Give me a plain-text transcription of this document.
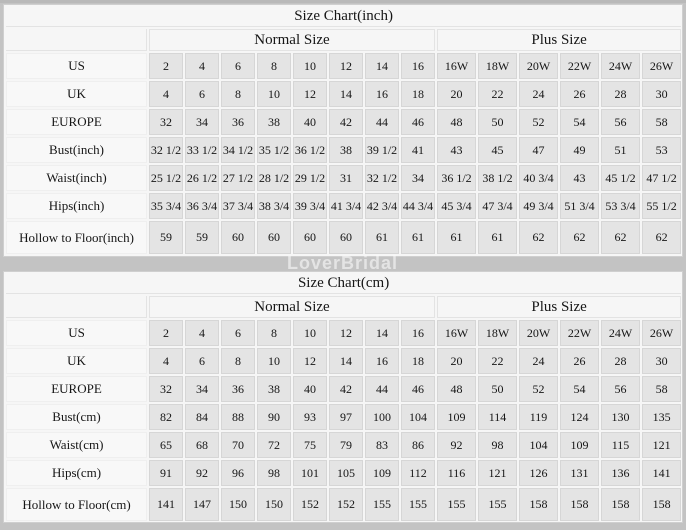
Size Chart(inch)														
	Normal Size								Plus Size					
US	2	4	6	8	10	12	14	16	16W	18W	20W	22W	24W	26W
UK	4	6	8	10	12	14	16	18	20	22	24	26	28	30
EUROPE	32	34	36	38	40	42	44	46	48	50	52	54	56	58
Bust(inch)	32 1/2	33 1/2	34 1/2	35 1/2	36 1/2	38	39 1/2	41	43	45	47	49	51	53
Waist(inch)	25 1/2	26 1/2	27 1/2	28 1/2	29 1/2	31	32 1/2	34	36 1/2	38 1/2	40 3/4	43	45 1/2	47 1/2
Hips(inch)	35 3/4	36 3/4	37 3/4	38 3/4	39 3/4	41 3/4	42 3/4	44 3/4	45 3/4	47 3/4	49 3/4	51 3/4	53 3/4	55 1/2
Hollow to Floor(inch)	59	59	60	60	60	60	61	61	61	61	62	62	62	62
LoverBridal
Size Chart(cm)														
	Normal Size								Plus Size					
US	2	4	6	8	10	12	14	16	16W	18W	20W	22W	24W	26W
UK	4	6	8	10	12	14	16	18	20	22	24	26	28	30
EUROPE	32	34	36	38	40	42	44	46	48	50	52	54	56	58
Bust(cm)	82	84	88	90	93	97	100	104	109	114	119	124	130	135
Waist(cm)	65	68	70	72	75	79	83	86	92	98	104	109	115	121
Hips(cm)	91	92	96	98	101	105	109	112	116	121	126	131	136	141
Hollow to Floor(cm)	141	147	150	150	152	152	155	155	155	155	158	158	158	158
